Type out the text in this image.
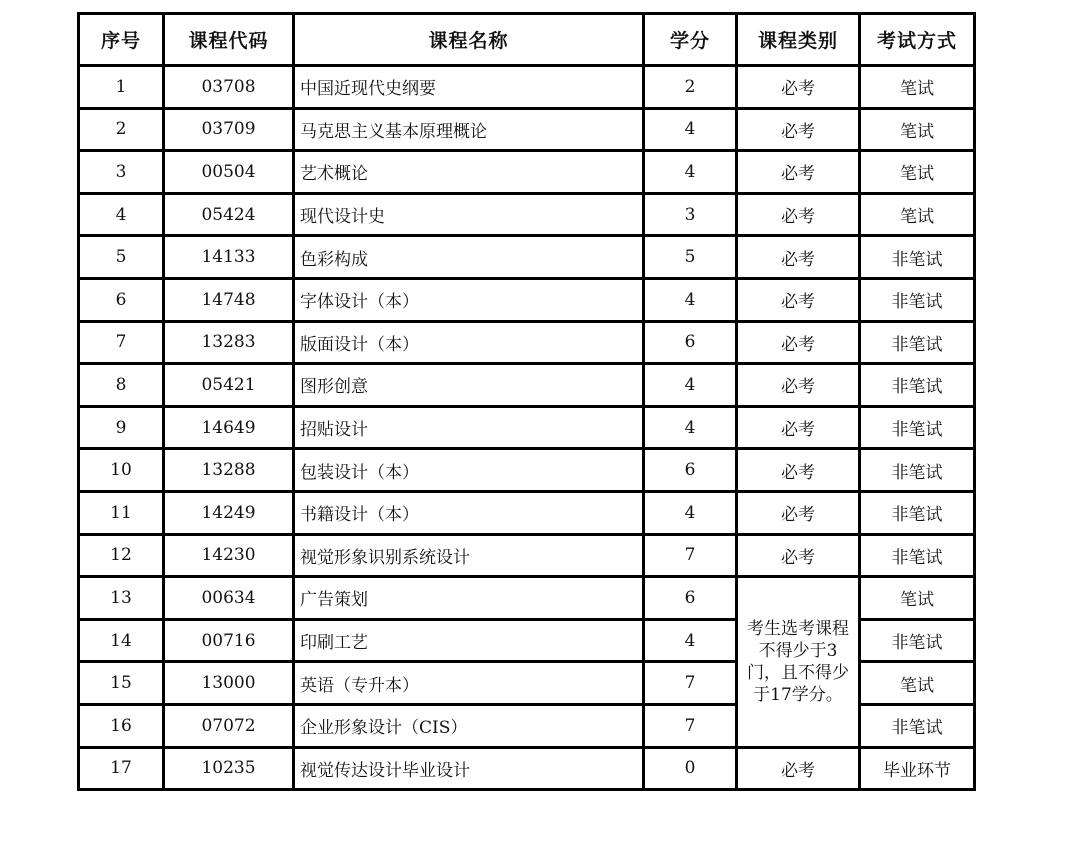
序号	课程代码	课程名称	学分	课程类别	考试方式
1	03708	中国近现代史纲要	2	必考	笔试
2	03709	马克思主义基本原理概论	4	必考	笔试
3	00504	艺术概论	4	必考	笔试
4	05424	现代设计史	3	必考	笔试
5	14133	色彩构成	5	必考	非笔试
6	14748	字体设计（本）	4	必考	非笔试
7	13283	版面设计（本）	6	必考	非笔试
8	05421	图形创意	4	必考	非笔试
9	14649	招贴设计	4	必考	非笔试
10	13288	包装设计（本）	6	必考	非笔试
11	14249	书籍设计（本）	4	必考	非笔试
12	14230	视觉形象识别系统设计	7	必考	非笔试
13	00634	广告策划	6	考生选考课程不得少于3门，且不得少于17学分。	笔试
14	00716	印刷工艺	4		非笔试
15	13000	英语（专升本）	7		笔试
16	07072	企业形象设计（CIS）	7		非笔试
17	10235	视觉传达设计毕业设计	0	必考	毕业环节
